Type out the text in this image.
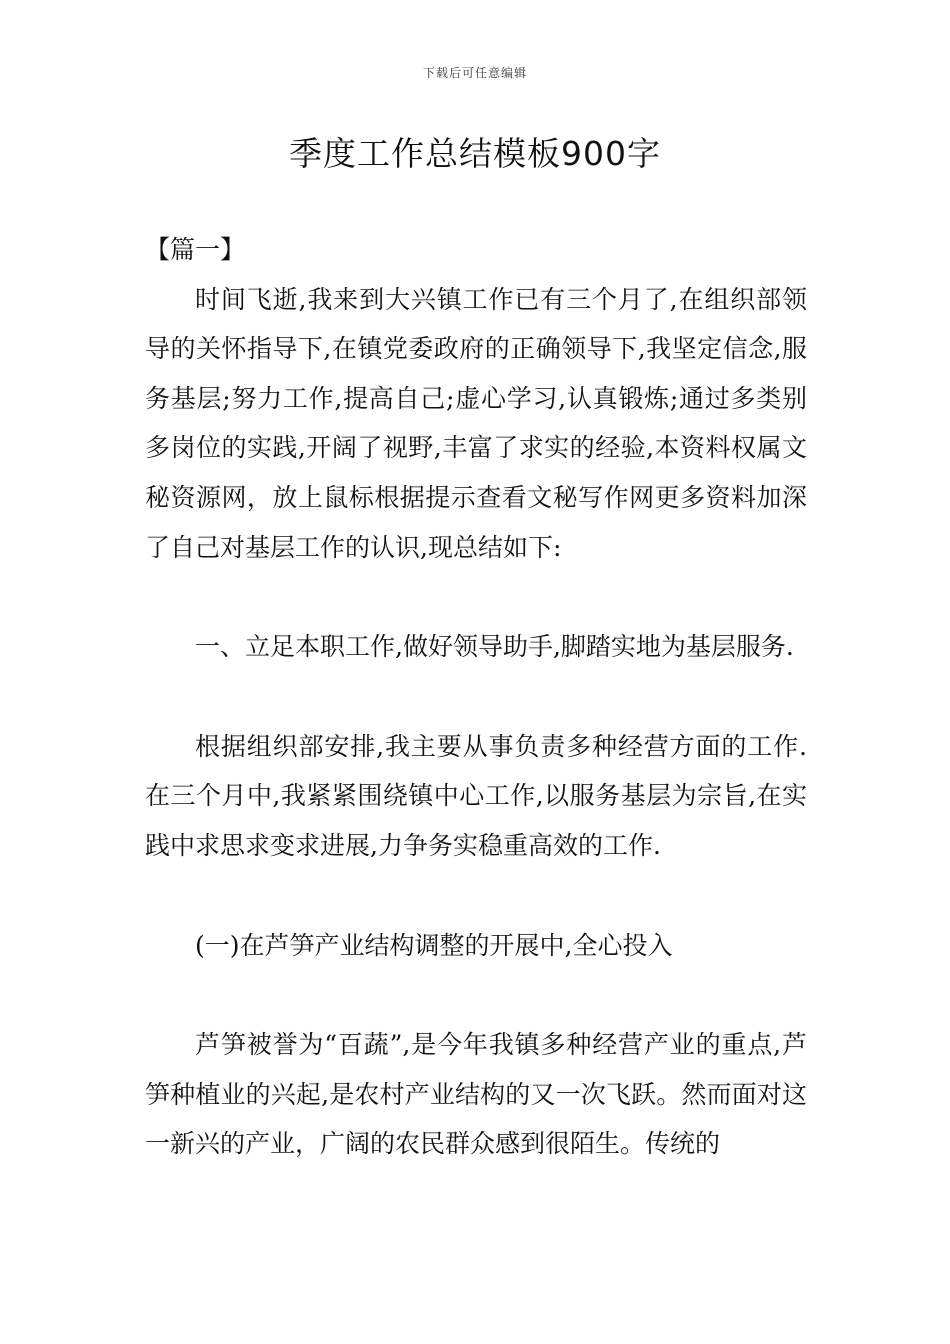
下载后可任意编辑
季度工作总结模板900字

【篇一】

时间飞逝,我来到大兴镇工作已有三个月了,在组织部领导的关怀指导下,在镇党委政府的正确领导下,我坚定信念,服务基层;努力工作,提高自己;虚心学习,认真锻炼;通过多类别多岗位的实践,开阔了视野,丰富了求实的经验,本资料权属文秘资源网，放上鼠标根据提示查看文秘写作网更多资料加深了自己对基层工作的认识,现总结如下:

一、立足本职工作,做好领导助手,脚踏实地为基层服务.

根据组织部安排,我主要从事负责多种经营方面的工作.在三个月中,我紧紧围绕镇中心工作,以服务基层为宗旨,在实践中求思求变求进展,力争务实稳重高效的工作.

(一)在芦笋产业结构调整的开展中,全心投入

芦笋被誉为“百蔬”,是今年我镇多种经营产业的重点,芦笋种植业的兴起,是农村产业结构的又一次飞跃。然而面对这一新兴的产业，广阔的农民群众感到很陌生。传统的
